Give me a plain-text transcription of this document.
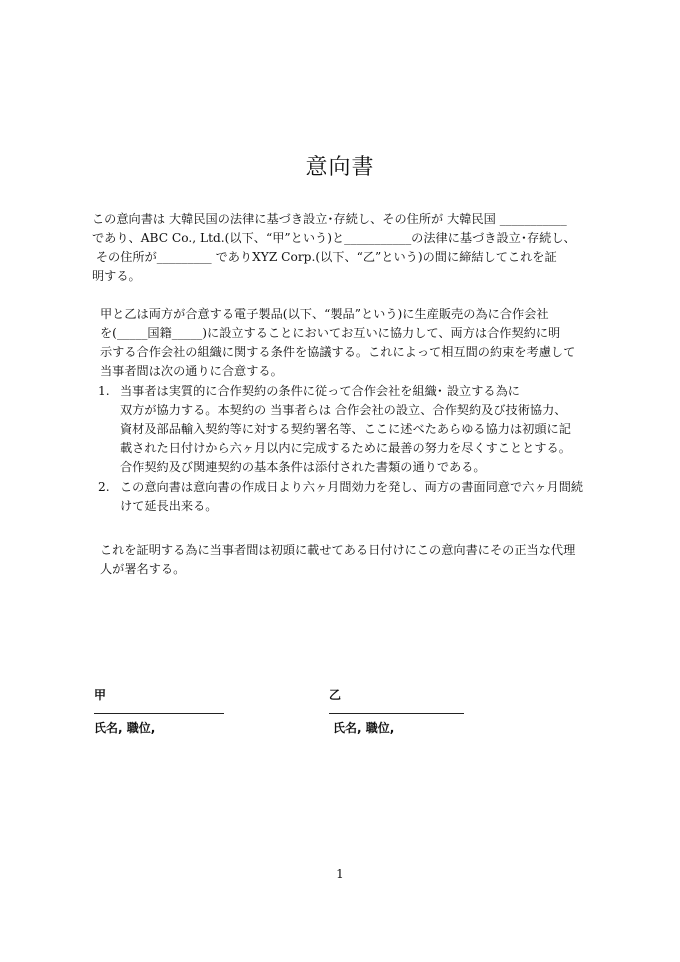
意向書
この意向書は 大韓民国の法律に基づき設立･存続し、その住所が 大韓民国 ___________
であり、ABC Co., Ltd.(以下、“甲”という)と___________の法律に基づき設立･存続し、
その住所が_________ でありXYZ Corp.(以下、“乙”という)の間に締結してこれを証
明する。
甲と乙は両方が合意する電子製品(以下、“製品”という)に生産販売の為に合作会社
を(_____国籍_____)に設立することにおいてお互いに協力して、両方は合作契約に明
示する合作会社の組織に関する条件を協議する。これによって相互間の約束を考慮して
当事者間は次の通りに合意する。
1. 当事者は実質的に合作契約の条件に従って合作会社を組織･ 設立する為に
双方が協力する。本契約の 当事者らは 合作会社の設立、合作契約及び技術協力、
資材及部品輸入契約等に対する契約署名等、ここに述べたあらゆる協力は初頭に記
載された日付けから六ヶ月以内に完成するために最善の努力を尽くすこととする。
合作契約及び関連契約の基本条件は添付された書類の通りである。
2. この意向書は意向書の作成日より六ヶ月間効力を発し、両方の書面同意で六ヶ月間続
けて延長出来る。
これを証明する為に当事者間は初頭に載せてある日付けにこの意向書にその正当な代理
人が署名する。
甲
氏名, 職位,
乙
氏名, 職位,
1
